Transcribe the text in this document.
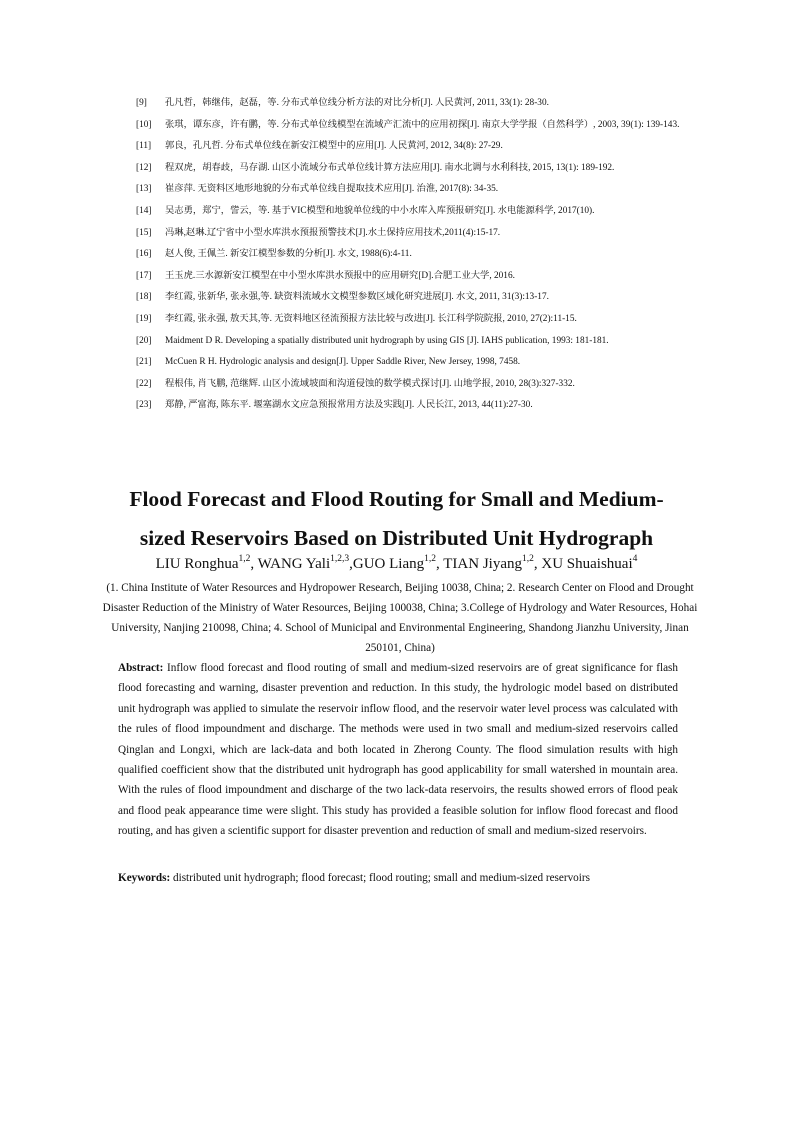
[9]	孔凡哲，韩继伟，赵磊，等. 分布式单位线分析方法的对比分析[J]. 人民黄河, 2011, 33(1): 28-30.
[10]	张琪，谭东彦，许有鹏，等. 分布式单位线模型在流域产汇流中的应用初探[J]. 南京大学学报（自然科学）, 2003, 39(1): 139-143.
[11]	郭良，孔凡哲. 分布式单位线在新安江模型中的应用[J]. 人民黄河, 2012, 34(8): 27-29.
[12]	程双虎，胡春歧，马存湖. 山区小流域分布式单位线计算方法应用[J]. 南水北调与水利科技, 2015, 13(1): 189-192.
[13]	崔彦萍. 无资料区地形地貌的分布式单位线自提取技术应用[J]. 治淮, 2017(8): 34-35.
[14]	吴志勇，郑宁，訾云，等. 基于VIC模型和地貌单位线的中小水库入库预报研究[J]. 水电能源科学, 2017(10).
[15]	冯琳,赵琳.辽宁省中小型水库洪水预报预警技术[J].水土保持应用技术,2011(4):15-17.
[16]	赵人俊, 王佩兰. 新安江模型参数的分析[J]. 水文, 1988(6):4-11.
[17]	王玉虎.三水源新安江模型在中小型水库洪水预报中的应用研究[D].合肥工业大学, 2016.
[18]	李红霞, 张新华, 张永强,等. 缺资料流域水文模型参数区域化研究进展[J]. 水文, 2011, 31(3):13-17.
[19]	李红霞, 张永强, 敖天其,等. 无资料地区径流预报方法比较与改进[J]. 长江科学院院报, 2010, 27(2):11-15.
[20]	Maidment D R. Developing a spatially distributed unit hydrograph by using GIS [J]. IAHS publication, 1993: 181-181.
[21]	McCuen R H. Hydrologic analysis and design[J]. Upper Saddle River, New Jersey, 1998, 7458.
[22]	程根伟, 肖飞鹏, 范继辉. 山区小流域坡面和沟道侵蚀的数学模式探讨[J]. 山地学报, 2010, 28(3):327-332.
[23]	郑静, 严富海, 陈东平. 堰塞湖水文应急预报常用方法及实践[J]. 人民长江, 2013, 44(11):27-30.
Flood Forecast and Flood Routing for Small and Medium-
sized Reservoirs Based on Distributed Unit Hydrograph
LIU Ronghua$^{1,2}$, WANG Yali$^{1,2,3}$,GUO Liang$^{1,2}$, TIAN Jiyang$^{1,2}$, XU Shuaishuai$^4$
(1. China Institute of Water Resources and Hydropower Research, Beijing 10038, China; 2. Research Center on Flood and Drought Disaster Reduction of the Ministry of Water Resources, Beijing 100038, China; 3.College of Hydrology and Water Resources, Hohai University, Nanjing 210098, China; 4. School of Municipal and Environmental Engineering, Shandong Jianzhu University, Jinan 250101, China)
Abstract: Inflow flood forecast and flood routing of small and medium-sized reservoirs are of great significance for flash flood forecasting and warning, disaster prevention and reduction. In this study, the hydrologic model based on distributed unit hydrograph was applied to simulate the reservoir inflow flood, and the reservoir water level process was calculated with the rules of flood impoundment and discharge. The methods were used in two small and medium-sized reservoirs called Qinglan and Longxi, which are lack-data and both located in Zherong County. The flood simulation results with high qualified coefficient show that the distributed unit hydrograph has good applicability for small watershed in mountain area. With the rules of flood impoundment and discharge of the two lack-data reservoirs, the results showed errors of flood peak and flood peak appearance time were slight. This study has provided a feasible solution for inflow flood forecast and flood routing, and has given a scientific support for disaster prevention and reduction of small and medium-sized reservoirs.
Keywords: distributed unit hydrograph; flood forecast; flood routing; small and medium-sized reservoirs
